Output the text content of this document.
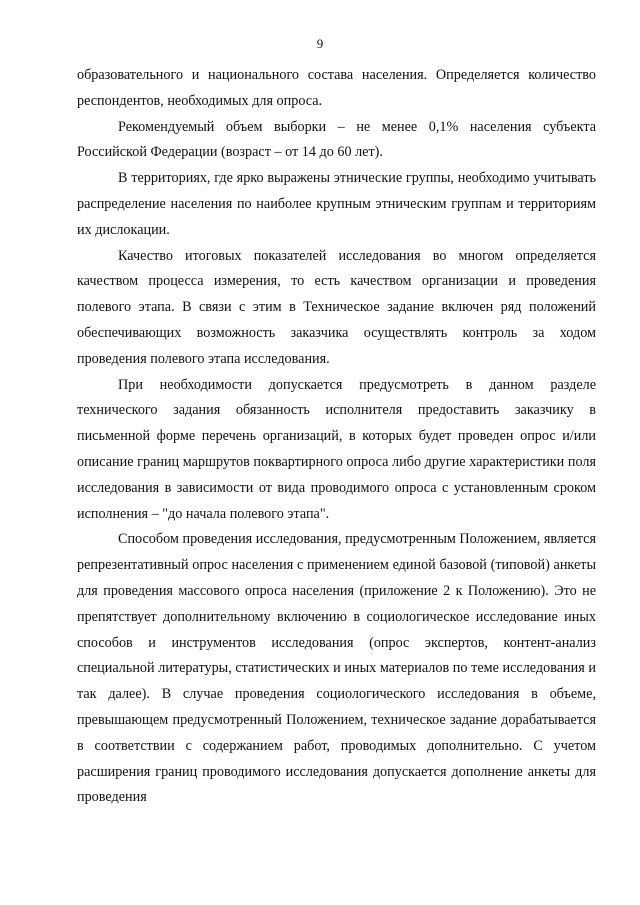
9

образовательного и национального состава населения. Определяется количество респондентов, необходимых для опроса.

Рекомендуемый объем выборки – не менее 0,1% населения субъекта Российской Федерации (возраст – от 14 до 60 лет).

В территориях, где ярко выражены этнические группы, необходимо учитывать распределение населения по наиболее крупным этническим группам и территориям их дислокации.

Качество итоговых показателей исследования во многом определяется качеством процесса измерения, то есть качеством организации и проведения полевого этапа. В связи с этим в Техническое задание включен ряд положений обеспечивающих возможность заказчика осуществлять контроль за ходом проведения полевого этапа исследования.

При необходимости допускается предусмотреть в данном разделе технического задания обязанность исполнителя предоставить заказчику в письменной форме перечень организаций, в которых будет проведен опрос и/или описание границ маршрутов поквартирного опроса либо другие характеристики поля исследования в зависимости от вида проводимого опроса с установленным сроком исполнения – "до начала полевого этапа".

Способом проведения исследования, предусмотренным Положением, является репрезентативный опрос населения с применением единой базовой (типовой) анкеты для проведения массового опроса населения (приложение 2 к Положению). Это не препятствует дополнительному включению в социологическое исследование иных способов и инструментов исследования (опрос экспертов, контент-анализ специальной литературы, статистических и иных материалов по теме исследования и так далее). В случае проведения социологического исследования в объеме, превышающем предусмотренный Положением, техническое задание дорабатывается в соответствии с содержанием работ, проводимых дополнительно. С учетом расширения границ проводимого исследования допускается дополнение анкеты для проведения
